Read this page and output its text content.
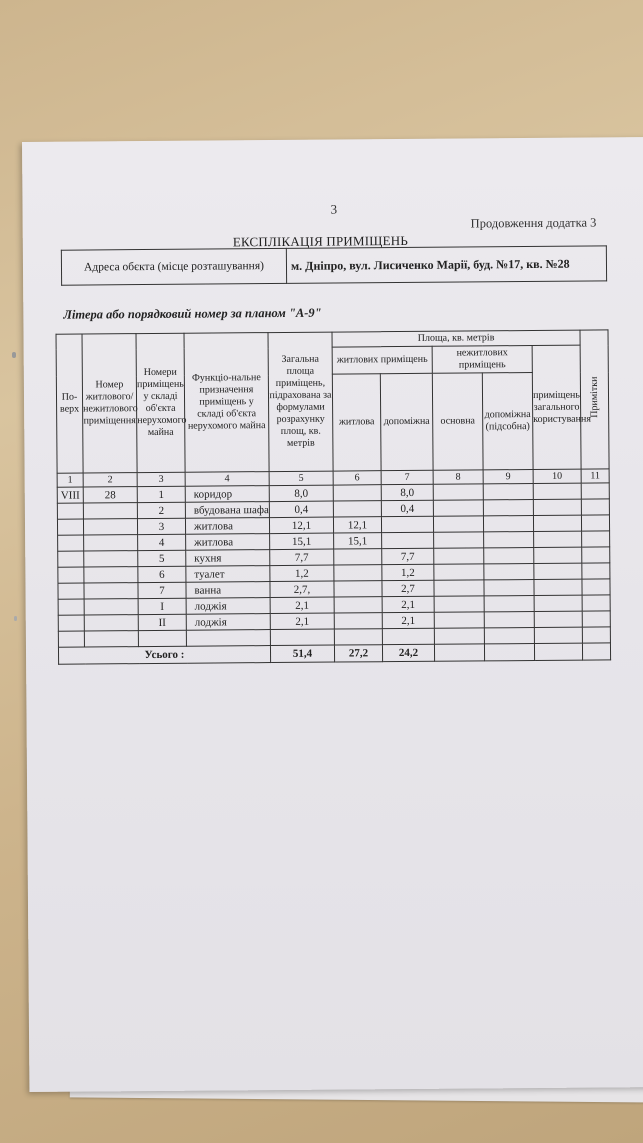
3
Продовження додатка 3
ЕКСПЛІКАЦІЯ ПРИМІЩЕНЬ
Адреса обєкта (місце розташування)	м. Дніпро, вул. Лисиченко Марії, буд. №17, кв. №28
Літера або порядковий номер за планом "А-9"
По-верх	Номер житлового/ нежитлового приміщення	Номери приміщень у складі об'єкта нерухомого майна	Функціо-нальне призначення приміщень у складі об'єкта нерухомого майна	Загальна площа приміщень, підрахована за формулами розрахунку площ, кв. метрів	Площа, кв. метрів					Примітки
					житлових приміщень		нежитлових приміщень		приміщень загального користування	
					житлова	допоміжна	основна	допоміжна (підсобна)		
1	2	3	4	5	6	7	8	9	10	11
VIII	28	1	коридор	8,0		8,0				
		2	вбудована шафа	0,4		0,4				
		3	житлова	12,1	12,1					
		4	житлова	15,1	15,1					
		5	кухня	7,7		7,7				
		6	туалет	1,2		1,2				
		7	ванна	2,7,		2,7				
		I	лоджія	2,1		2,1				
		II	лоджія	2,1		2,1				

Усього :				51,4	27,2	24,2				
